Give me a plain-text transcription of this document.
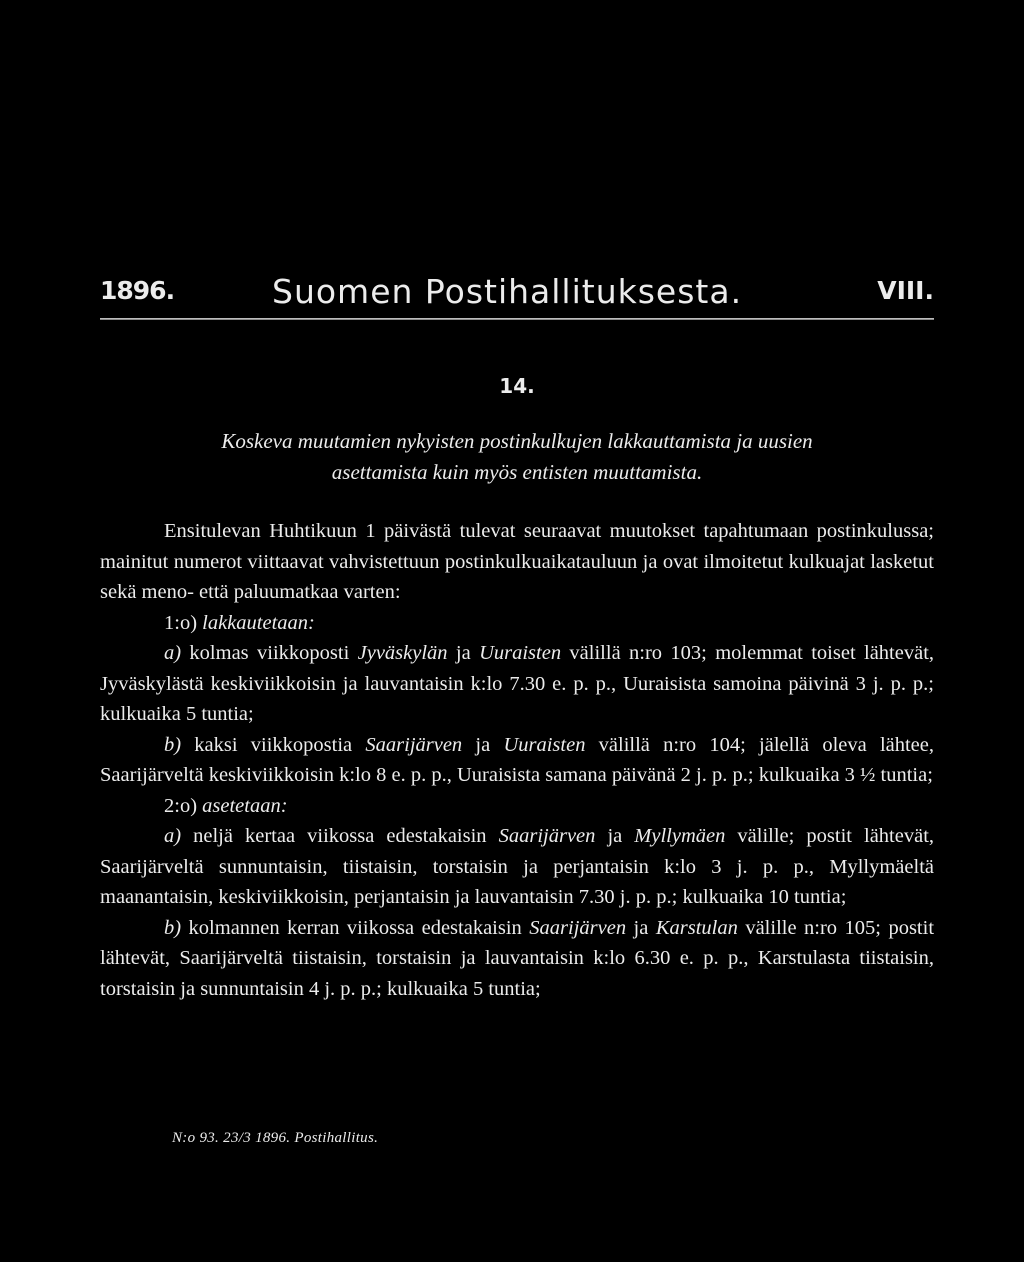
1896.	Suomen Postihallituksesta.	VIII.
14.
Koskeva muutamien nykyisten postinkulkujen lakkauttamista ja uusien
asettamista kuin myös entisten muuttamista.

Ensitulevan Huhtikuun 1 päivästä tulevat seuraavat muutokset tapahtumaan postinkulussa; mainitut numerot viittaavat vahvistettuun postinkulkuaikatauluun ja ovat ilmoitetut kulkuajat lasketut sekä meno- että paluumatkaa varten:

1:o) lakkautetaan:

a) kolmas viikkoposti Jyväskylän ja Uuraisten välillä n:ro 103; molemmat toiset lähtevät, Jyväskylästä keskiviikkoisin ja lauvantaisin k:lo 7.30 e. p. p., Uuraisista samoina päivinä 3 j. p. p.; kulkuaika 5 tuntia;

b) kaksi viikkopostia Saarijärven ja Uuraisten välillä n:ro 104; jälellä oleva lähtee, Saarijärveltä keskiviikkoisin k:lo 8 e. p. p., Uuraisista samana päivänä 2 j. p. p.; kulkuaika 3 ½ tuntia;

2:o) asetetaan:

a) neljä kertaa viikossa edestakaisin Saarijärven ja Myllymäen välille; postit lähtevät, Saarijärveltä sunnuntaisin, tiistaisin, torstaisin ja perjantaisin k:lo 3 j. p. p., Myllymäeltä maanantaisin, keskiviikkoisin, perjantaisin ja lauvantaisin 7.30 j. p. p.; kulkuaika 10 tuntia;

b) kolmannen kerran viikossa edestakaisin Saarijärven ja Karstulan välille n:ro 105; postit lähtevät, Saarijärveltä tiistaisin, torstaisin ja lauvantaisin k:lo 6.30 e. p. p., Karstulasta tiistaisin, torstaisin ja sunnuntaisin 4 j. p. p.; kulkuaika 5 tuntia;

N:o 93. 23/3 1896. Postihallitus.
